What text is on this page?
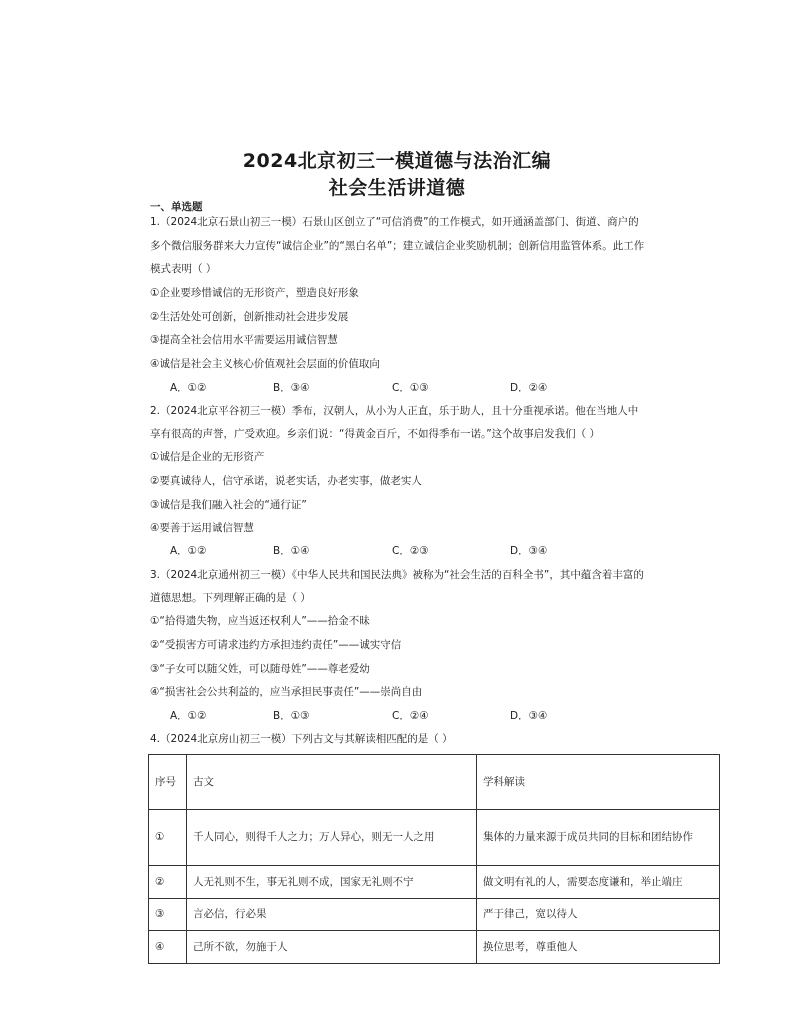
2024北京初三一模道德与法治汇编
社会生活讲道德
一、单选题
1.（2024北京石景山初三一模）石景山区创立了“可信消费”的工作模式，如开通涵盖部门、街道、商户的
多个微信服务群来大力宣传“诚信企业”的“黑白名单”；建立诚信企业奖励机制；创新信用监管体系。此工作
模式表明（ ）
①企业要珍惜诚信的无形资产，塑造良好形象
②生活处处可创新，创新推动社会进步发展
③提高全社会信用水平需要运用诚信智慧
④诚信是社会主义核心价值观社会层面的价值取向
A．①②	B．③④	C．①③	D．②④
2.（2024北京平谷初三一模）季布，汉朝人，从小为人正直，乐于助人，且十分重视承诺。他在当地人中
享有很高的声誉，广受欢迎。乡亲们说：“得黄金百斤，不如得季布一诺。”这个故事启发我们（ ）
①诚信是企业的无形资产
②要真诚待人，信守承诺，说老实话，办老实事，做老实人
③诚信是我们融入社会的“通行证”
④要善于运用诚信智慧
A．①②	B．①④	C．②③	D．③④
3.（2024北京通州初三一模）《中华人民共和国民法典》被称为“社会生活的百科全书”，其中蕴含着丰富的
道德思想。下列理解正确的是（ ）
①“拾得遗失物，应当返还权利人”——拾金不昧
②“受损害方可请求违约方承担违约责任”——诚实守信
③“子女可以随父姓，可以随母姓”——尊老爱幼
④“损害社会公共利益的，应当承担民事责任”——崇尚自由
A．①②	B．①③	C．②④	D．③④
4.（2024北京房山初三一模）下列古文与其解读相匹配的是（ ）
序号	古文	学科解读
①	千人同心，则得千人之力；万人异心，则无一人之用	集体的力量来源于成员共同的目标和团结协作
②	人无礼则不生，事无礼则不成，国家无礼则不宁	做文明有礼的人，需要态度谦和，举止端庄
③	言必信，行必果	严于律己，宽以待人
④	己所不欲，勿施于人	换位思考，尊重他人
